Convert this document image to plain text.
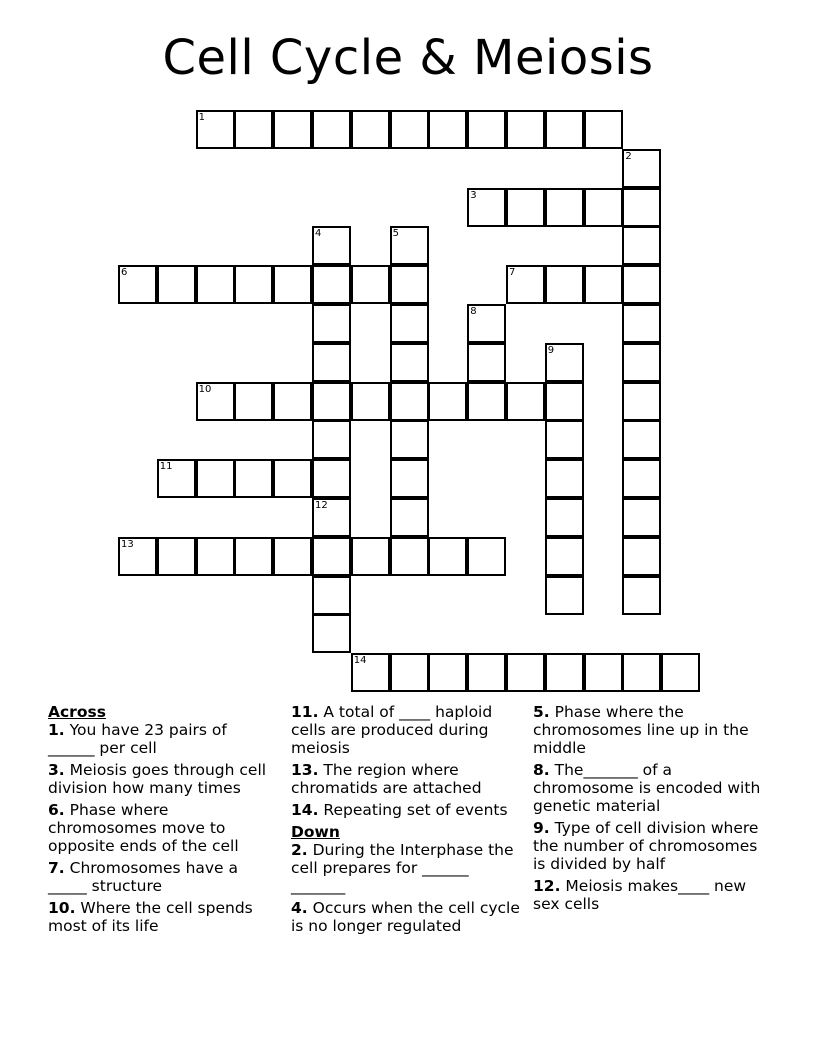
Cell Cycle & Meiosis
1
2
3
4	5
6	7
8
9
10
11
12
13
14
Across
1. You have 23 pairs of ______ per cell
3. Meiosis goes through cell division how many times
6. Phase where chromosomes move to opposite ends of the cell
7. Chromosomes have a _____ structure
10. Where the cell spends most of its life
11. A total of ____ haploid cells are produced during meiosis
13. The region where chromatids are attached
14. Repeating set of events
Down
2. During the Interphase the cell prepares for ______ _______
4. Occurs when the cell cycle is no longer regulated
5. Phase where the chromosomes line up in the middle
8. The_______ of a chromosome is encoded with genetic material
9. Type of cell division where the number of chromosomes is divided by half
12. Meiosis makes____ new sex cells
